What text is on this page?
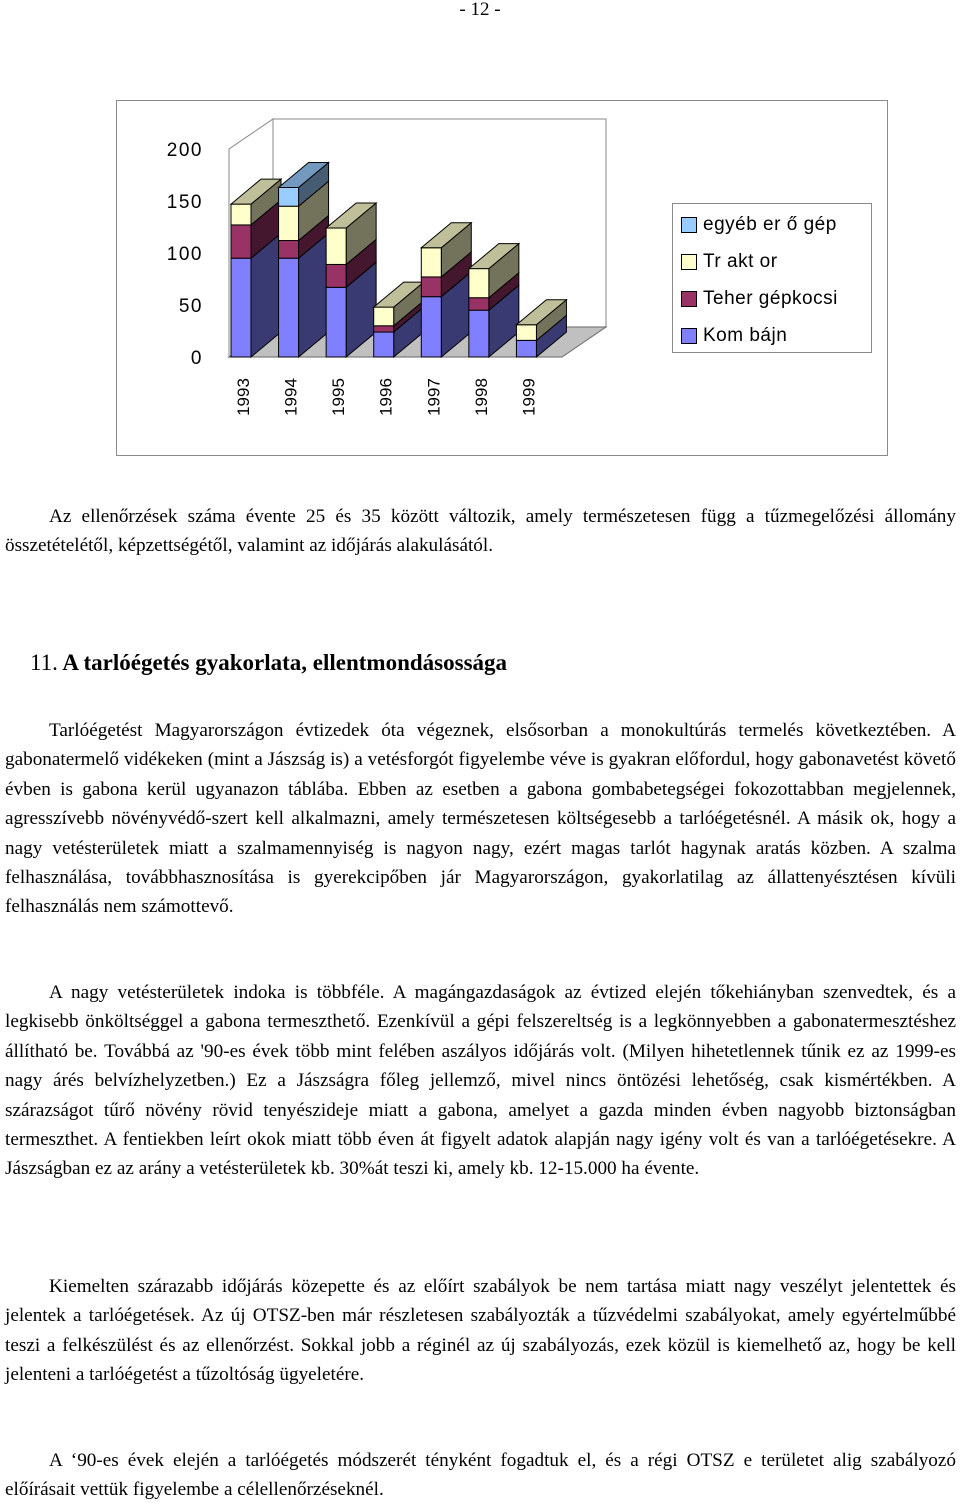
- 12 -
200
150
100
50
0
1993 1994 1995 1996 1997 1998 1999
egyéb er ő gép
Tr akt or
Teher gépkocsi
Kom bájn
Az ellenőrzések száma évente 25 és 35 között változik, amely természetesen függ a tűzmegelőzési állomány összetételétől, képzettségétől, valamint az időjárás alakulásától.
11. A tarlóégetés gyakorlata, ellentmondásossága
Tarlóégetést Magyarországon évtizedek óta végeznek, elsősorban a monokultúrás termelés következtében. A gabonatermelő vidékeken (mint a Jászság is) a vetésforgót figyelembe véve is gyakran előfordul, hogy gabonavetést követő évben is gabona kerül ugyanazon táblába. Ebben az esetben a gabona gombabetegségei fokozottabban megjelennek, agresszívebb növényvédő-szert kell alkalmazni, amely természetesen költségesebb a tarlóégetésnél. A másik ok, hogy a nagy vetésterületek miatt a szalmamennyiség is nagyon nagy, ezért magas tarlót hagynak aratás közben. A szalma felhasználása, továbbhasznosítása is gyerekcipőben jár Magyarországon, gyakorlatilag az állattenyésztésen kívüli felhasználás nem számottevő.
A nagy vetésterületek indoka is többféle. A magángazdaságok az évtized elején tőkehiányban szenvedtek, és a legkisebb önköltséggel a gabona termeszthető. Ezenkívül a gépi felszereltség is a legkönnyebben a gabonatermesztéshez állítható be. Továbbá az '90-es évek több mint felében aszályos időjárás volt. (Milyen hihetetlennek tűnik ez az 1999-es nagy árés belvízhelyzetben.) Ez a Jászságra főleg jellemző, mivel nincs öntözési lehetőség, csak kismértékben. A szárazságot tűrő növény rövid tenyészideje miatt a gabona, amelyet a gazda minden évben nagyobb biztonságban termeszthet. A fentiekben leírt okok miatt több éven át figyelt adatok alapján nagy igény volt és van a tarlóégetésekre. A Jászságban ez az arány a vetésterületek kb. 30%át teszi ki, amely kb. 12-15.000 ha évente.
Kiemelten szárazabb időjárás közepette és az előírt szabályok be nem tartása miatt nagy veszélyt jelentettek és jelentek a tarlóégetések. Az új OTSZ-ben már részletesen szabályozták a tűzvédelmi szabályokat, amely egyértelműbbé teszi a felkészülést és az ellenőrzést. Sokkal jobb a réginél az új szabályozás, ezek közül is kiemelhető az, hogy be kell jelenteni a tarlóégetést a tűzoltóság ügyeletére.
A ‘90-es évek elején a tarlóégetés módszerét tényként fogadtuk el, és a régi OTSZ e területet alig szabályozó előírásait vettük figyelembe a célellenőrzéseknél.
